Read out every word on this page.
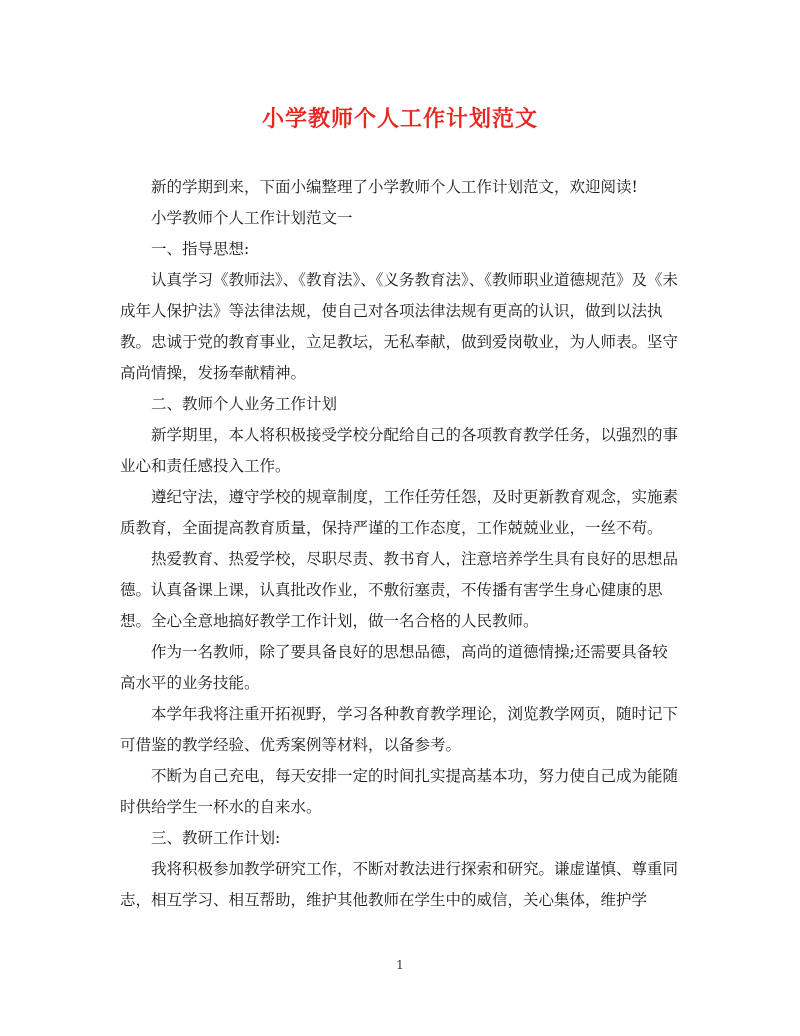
小学教师个人工作计划范文

新的学期到来，下面小编整理了小学教师个人工作计划范文，欢迎阅读!

小学教师个人工作计划范文一

一、指导思想:

认真学习《教师法》、《教育法》、《义务教育法》、《教师职业道德规范》及《未成年人保护法》等法律法规，使自己对各项法律法规有更高的认识，做到以法执教。忠诚于党的教育事业，立足教坛，无私奉献，做到爱岗敬业，为人师表。坚守高尚情操，发扬奉献精神。

二、教师个人业务工作计划

新学期里，本人将积极接受学校分配给自己的各项教育教学任务，以强烈的事业心和责任感投入工作。

遵纪守法，遵守学校的规章制度，工作任劳任怨，及时更新教育观念，实施素质教育，全面提高教育质量，保持严谨的工作态度，工作兢兢业业，一丝不苟。

热爱教育、热爱学校，尽职尽责、教书育人，注意培养学生具有良好的思想品德。认真备课上课，认真批改作业，不敷衍塞责，不传播有害学生身心健康的思想。全心全意地搞好教学工作计划，做一名合格的人民教师。

作为一名教师，除了要具备良好的思想品德，高尚的道德情操;还需要具备较高水平的业务技能。

本学年我将注重开拓视野，学习各种教育教学理论，浏览教学网页，随时记下可借鉴的教学经验、优秀案例等材料，以备参考。

不断为自己充电，每天安排一定的时间扎实提高基本功，努力使自己成为能随时供给学生一杯水的自来水。

三、教研工作计划:

我将积极参加教学研究工作，不断对教法进行探索和研究。谦虚谨慎、尊重同志，相互学习、相互帮助，维护其他教师在学生中的威信，关心集体，维护学

1
